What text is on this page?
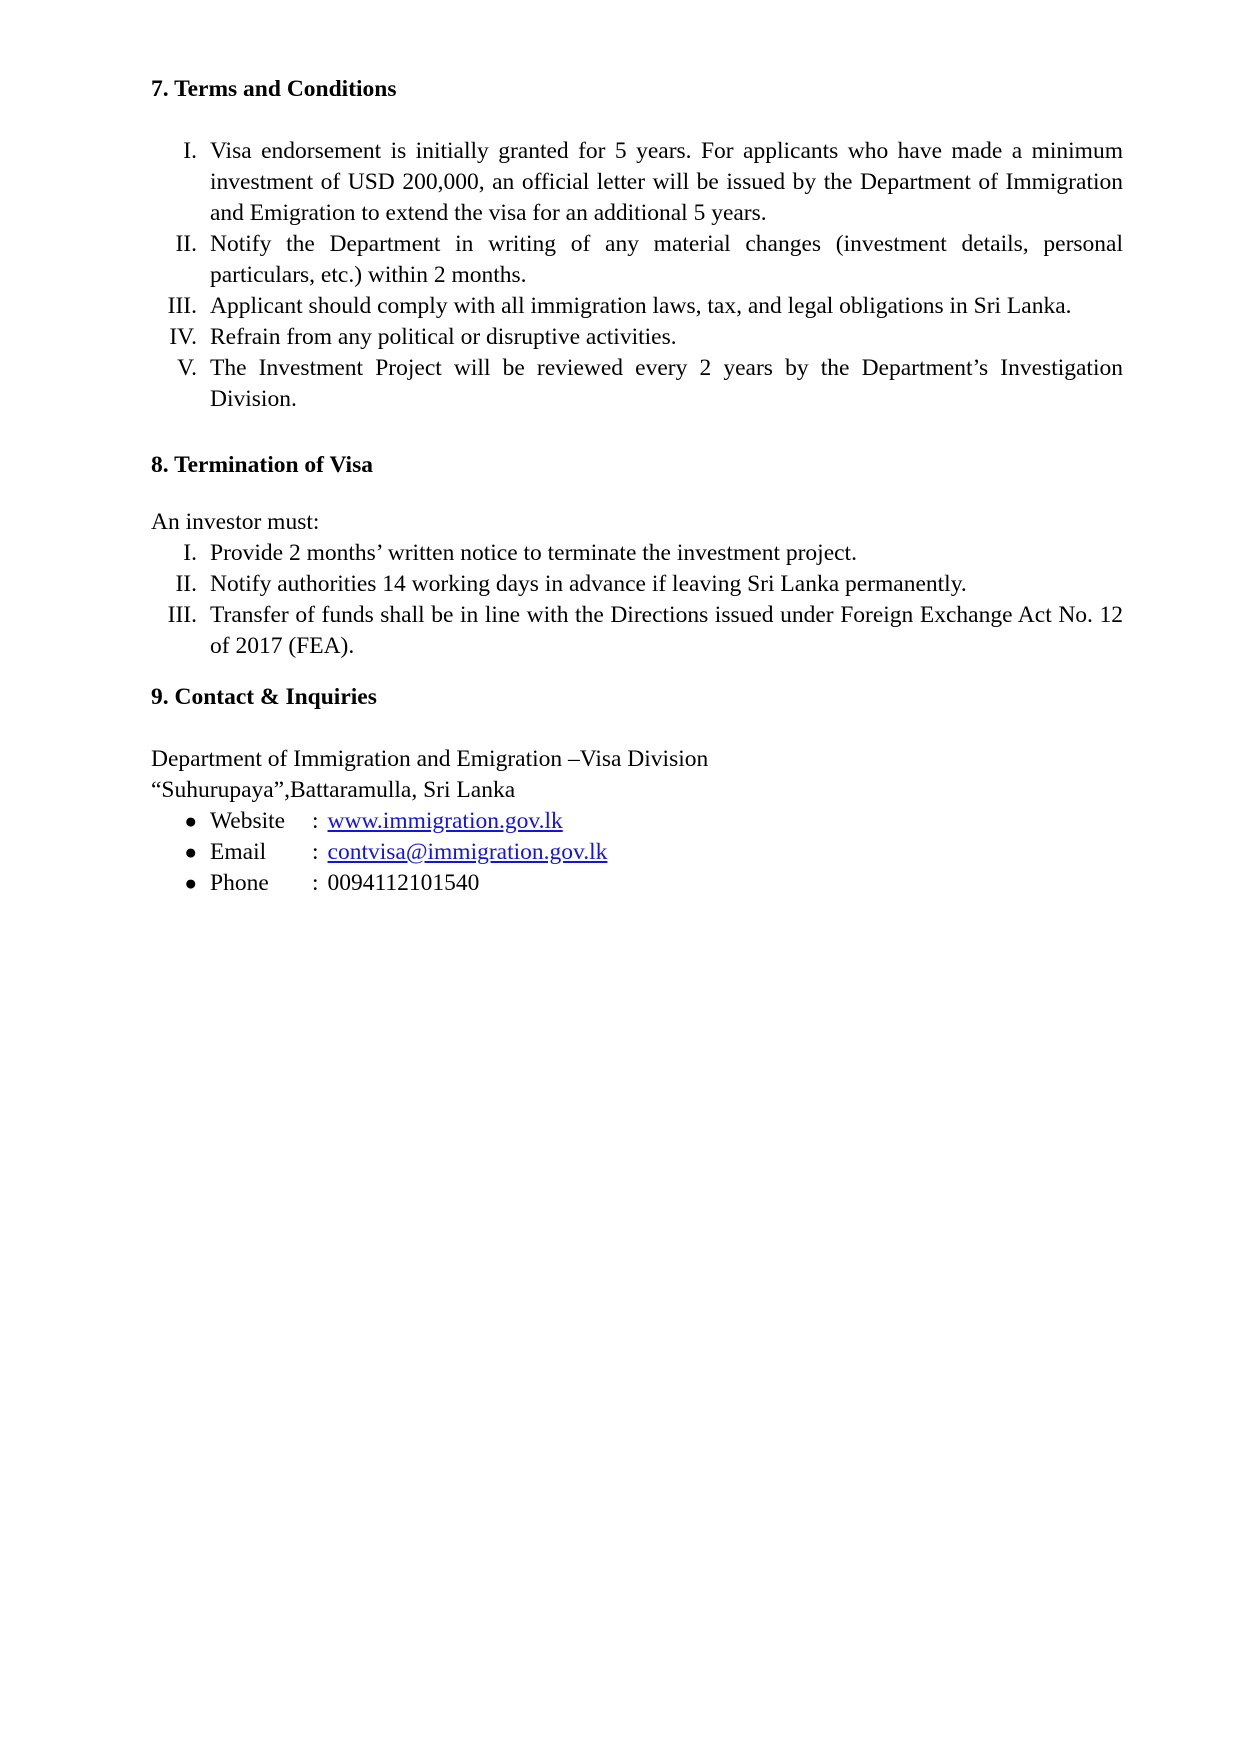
7. Terms and Conditions
I. Visa endorsement is initially granted for 5 years. For applicants who have made a minimum investment of USD 200,000, an official letter will be issued by the Department of Immigration and Emigration to extend the visa for an additional 5 years.
II. Notify the Department in writing of any material changes (investment details, personal particulars, etc.) within 2 months.
III. Applicant should comply with all immigration laws, tax, and legal obligations in Sri Lanka.
IV. Refrain from any political or disruptive activities.
V. The Investment Project will be reviewed every 2 years by the Department’s Investigation Division.
8. Termination of Visa

An investor must:

I. Provide 2 months’ written notice to terminate the investment project.
II. Notify authorities 14 working days in advance if leaving Sri Lanka permanently.
III. Transfer of funds shall be in line with the Directions issued under Foreign Exchange Act No. 12 of 2017 (FEA).
9. Contact & Inquiries

Department of Immigration and Emigration –Visa Division

“Suhurupaya”,Battaramulla, Sri Lanka

● Website	: www.immigration.gov.lk
● Email	: contvisa@immigration.gov.lk
● Phone	: 0094112101540
